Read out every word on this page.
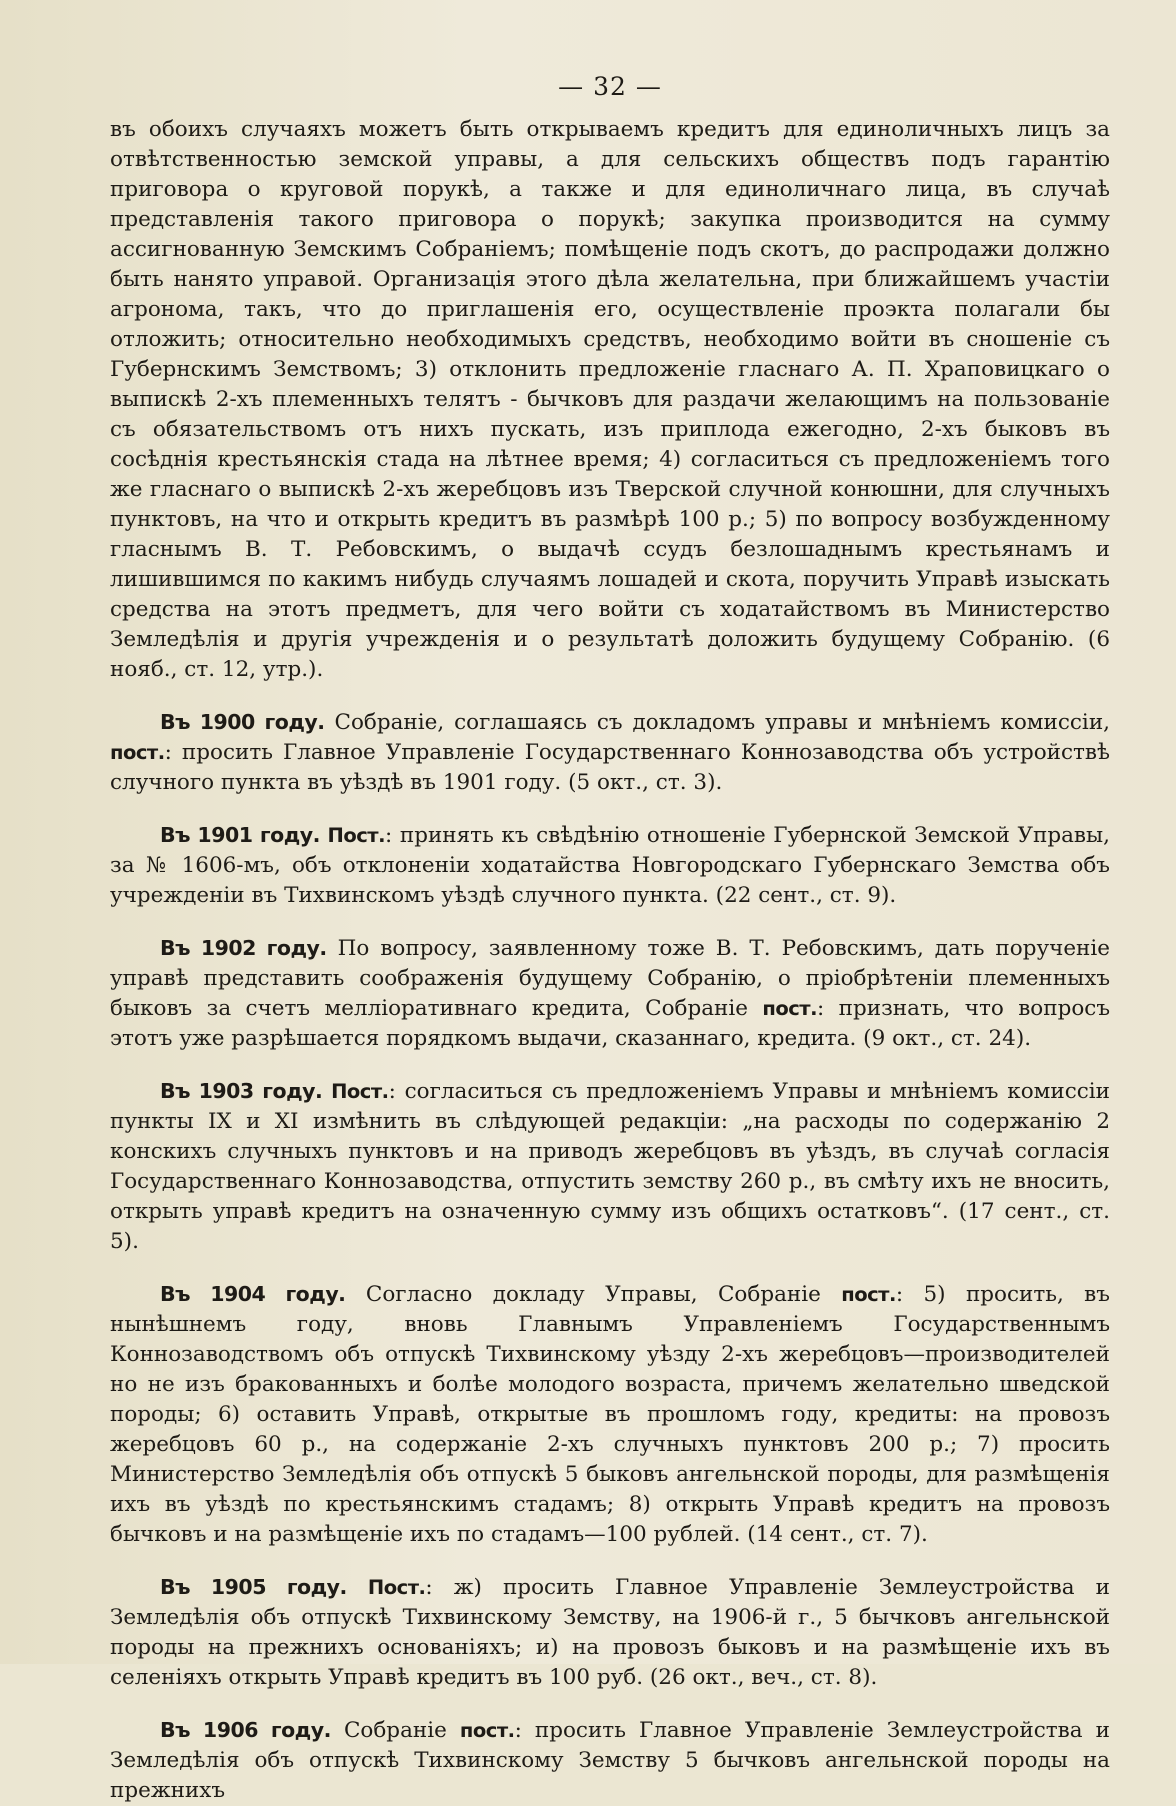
— 32 —

въ обоихъ случаяхъ можетъ быть открываемъ кредитъ для единоличныхъ лицъ за отвѣтственностью земской управы, а для сельскихъ обществъ подъ гарантію приговора о круговой порукѣ, а также и для единоличнаго лица, въ случаѣ представленія такого приговора о порукѣ; закупка производится на сумму ассигнованную Земскимъ Собраніемъ; помѣщеніе подъ скотъ, до распродажи должно быть нанято управой. Организація этого дѣла желательна, при ближайшемъ участіи агронома, такъ, что до приглашенія его, осуществленіе проэкта полагали бы отложить; относительно необходимыхъ средствъ, необходимо войти въ сношеніе съ Губернскимъ Земствомъ; 3) отклонить предложеніе гласнаго А. П. Храповицкаго о выпискѣ 2-хъ племенныхъ телятъ - бычковъ для раздачи желающимъ на пользованіе съ обязательствомъ отъ нихъ пускать, изъ приплода ежегодно, 2-хъ быковъ въ сосѣднія крестьянскія стада на лѣтнее время; 4) согласиться съ предложеніемъ того же гласнаго о выпискѣ 2-хъ жеребцовъ изъ Тверской случной конюшни, для случныхъ пунктовъ, на что и открыть кредитъ въ размѣрѣ 100 р.; 5) по вопросу возбужденному гласнымъ В. Т. Ребовскимъ, о выдачѣ ссудъ безлошаднымъ крестьянамъ и лишившимся по какимъ нибудь случаямъ лошадей и скота, поручить Управѣ изыскать средства на этотъ предметъ, для чего войти съ ходатайствомъ въ Министерство Земледѣлія и другія учрежденія и о результатѣ доложить будущему Собранію. (6 нояб., ст. 12, утр.).

Въ 1900 году. Собраніе, соглашаясь съ докладомъ управы и мнѣніемъ комиссіи, пост.: просить Главное Управленіе Государственнаго Коннозаводства объ устройствѣ случного пункта въ уѣздѣ въ 1901 году. (5 окт., ст. 3).

Въ 1901 году. Пост.: принять къ свѣдѣнію отношеніе Губернской Земской Управы, за № 1606-мъ, объ отклоненіи ходатайства Новгородскаго Губернскаго Земства объ учрежденіи въ Тихвинскомъ уѣздѣ случного пункта. (22 сент., ст. 9).

Въ 1902 году. По вопросу, заявленному тоже В. Т. Ребовскимъ, дать порученіе управѣ представить соображенія будущему Собранію, о пріобрѣтеніи племенныхъ быковъ за счетъ мелліоративнаго кредита, Собраніе пост.: признать, что вопросъ этотъ уже разрѣшается порядкомъ выдачи, сказаннаго, кредита. (9 окт., ст. 24).

Въ 1903 году. Пост.: согласиться съ предложеніемъ Управы и мнѣніемъ комиссіи пункты IX и XI измѣнить въ слѣдующей редакціи: „на расходы по содержанію 2 конскихъ случныхъ пунктовъ и на приводъ жеребцовъ въ уѣздъ, въ случаѣ согласія Государственнаго Коннозаводства, отпустить земству 260 р., въ смѣту ихъ не вносить, открыть управѣ кредитъ на означенную сумму изъ общихъ остатковъ“. (17 сент., ст. 5).

Въ 1904 году. Согласно докладу Управы, Собраніе пост.: 5) просить, въ нынѣшнемъ году, вновь Главнымъ Управленіемъ Государственнымъ Коннозаводствомъ объ отпускѣ Тихвинскому уѣзду 2-хъ жеребцовъ—производителей но не изъ бракованныхъ и болѣе молодого возраста, причемъ желательно шведской породы; 6) оставить Управѣ, открытые въ прошломъ году, кредиты: на провозъ жеребцовъ 60 р., на содержаніе 2-хъ случныхъ пунктовъ 200 р.; 7) просить Министерство Земледѣлія объ отпускѣ 5 быковъ ангельнской породы, для размѣщенія ихъ въ уѣздѣ по крестьянскимъ стадамъ; 8) открыть Управѣ кредитъ на провозъ бычковъ и на размѣщеніе ихъ по стадамъ—100 рублей. (14 сент., ст. 7).

Въ 1905 году. Пост.: ж) просить Главное Управленіе Землеустройства и Земледѣлія объ отпускѣ Тихвинскому Земству, на 1906-й г., 5 бычковъ ангельнской породы на прежнихъ основаніяхъ; и) на провозъ быковъ и на размѣщеніе ихъ въ селеніяхъ открыть Управѣ кредитъ въ 100 руб. (26 окт., веч., ст. 8).

Въ 1906 году. Собраніе пост.: просить Главное Управленіе Землеустройства и Земледѣлія объ отпускѣ Тихвинскому Земству 5 бычковъ ангельнской породы на прежнихъ
